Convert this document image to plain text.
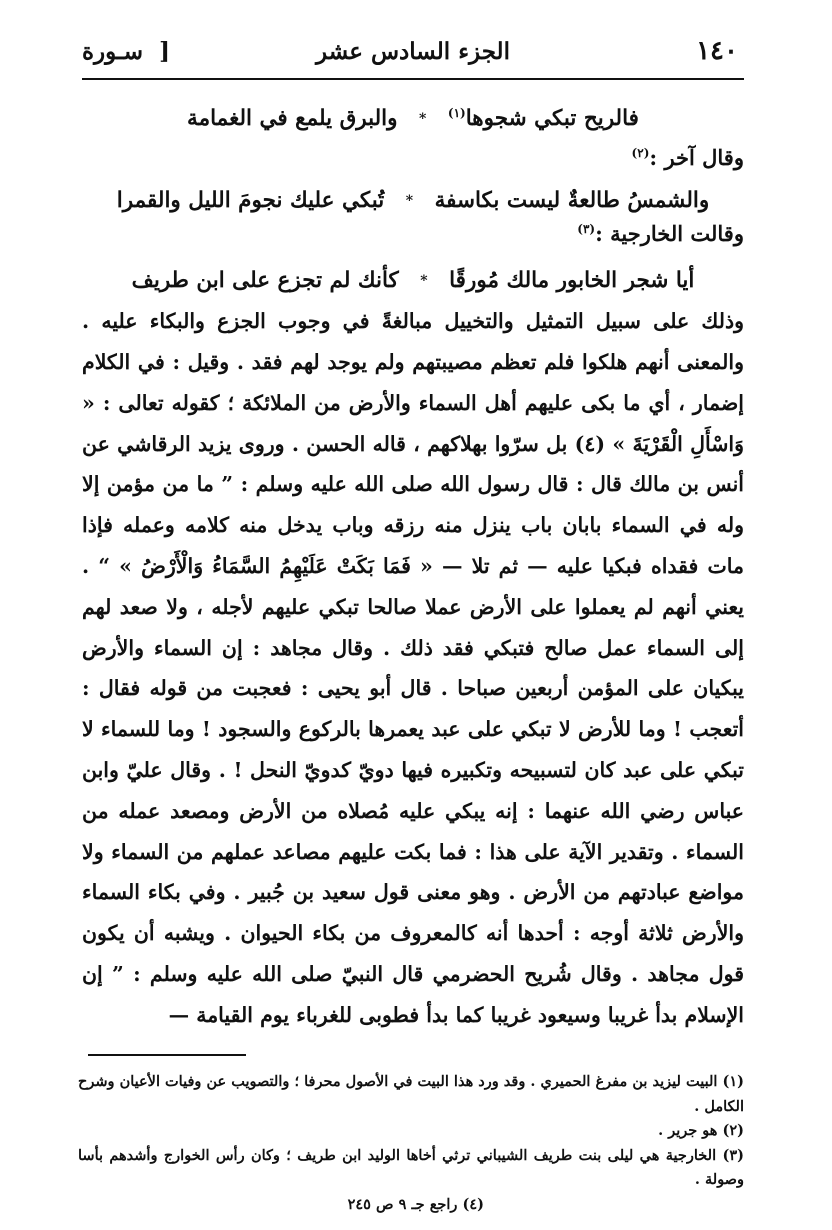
١٤٠
الجزء السادس عشر
[  سـورة

فالريح تبكي شجوها$^{(١)}$ * والبرق يلمع في الغمامة

وقال آخر :$^{(٢)}$

والشمسُ طالعةٌ ليست بكاسفة * تُبكي عليك نجومَ الليل والقمرا

وقالت الخارجية :$^{(٣)}$

أيا شجر الخابور مالك مُورقًا * كأنك لم تجزع على ابن طريف

وذلك على سبيل التمثيل والتخييل مبالغةً في وجوب الجزع والبكاء عليه . والمعنى أنهم هلكوا فلم تعظم مصيبتهم ولم يوجد لهم فقد . وقيل : في الكلام إضمار ، أي ما بكى عليهم أهل السماء والأرض من الملائكة ؛ كقوله تعالى : « وَاسْأَلِ الْقَرْيَةَ » (٤) بل سرّوا بهلاكهم ، قاله الحسن . وروى يزيد الرقاشي عن أنس بن مالك قال : قال رسول الله صلى الله عليه وسلم : ” ما من مؤمن إلا وله في السماء بابان باب ينزل منه رزقه وباب يدخل منه كلامه وعمله فإذا مات فقداه فبكيا عليه — ثم تلا — « فَمَا بَكَتْ عَلَيْهِمُ السَّمَاءُ وَالْأَرْضُ » “ . يعني أنهم لم يعملوا على الأرض عملا صالحا تبكي عليهم لأجله ، ولا صعد لهم إلى السماء عمل صالح فتبكي فقد ذلك . وقال مجاهد : إن السماء والأرض يبكيان على المؤمن أربعين صباحا . قال أبو يحيى : فعجبت من قوله فقال : أتعجب ! وما للأرض لا تبكي على عبد يعمرها بالركوع والسجود ! وما للسماء لا تبكي على عبد كان لتسبيحه وتكبيره فيها دويّ كدويّ النحل ! . وقال عليّ وابن عباس رضي الله عنهما : إنه يبكي عليه مُصلاه من الأرض ومصعد عمله من السماء . وتقدير الآية على هذا : فما بكت عليهم مصاعد عملهم من السماء ولا مواضع عبادتهم من الأرض . وهو معنى قول سعيد بن جُبير . وفي بكاء السماء والأرض ثلاثة أوجه : أحدها أنه كالمعروف من بكاء الحيوان . ويشبه أن يكون قول مجاهد . وقال شُريح الحضرمي قال النبيّ صلى الله عليه وسلم : ” إن الإسلام بدأ غريبا وسيعود غريبا كما بدأ فطوبى للغرباء يوم القيامة —

(١) البيت ليزيد بن مفرغ الحميري . وقد ورد هذا البيت في الأصول محرفا ؛ والتصويب عن وفيات الأعيان وشرح الكامل .

(٢) هو جرير .

(٣) الخارجية هي ليلى بنت طريف الشيباني ترثي أخاها الوليد ابن طريف ؛ وكان رأس الخوارج وأشدهم بأسا وصولة .

(٤) راجع جـ ٩ ص ٢٤٥
